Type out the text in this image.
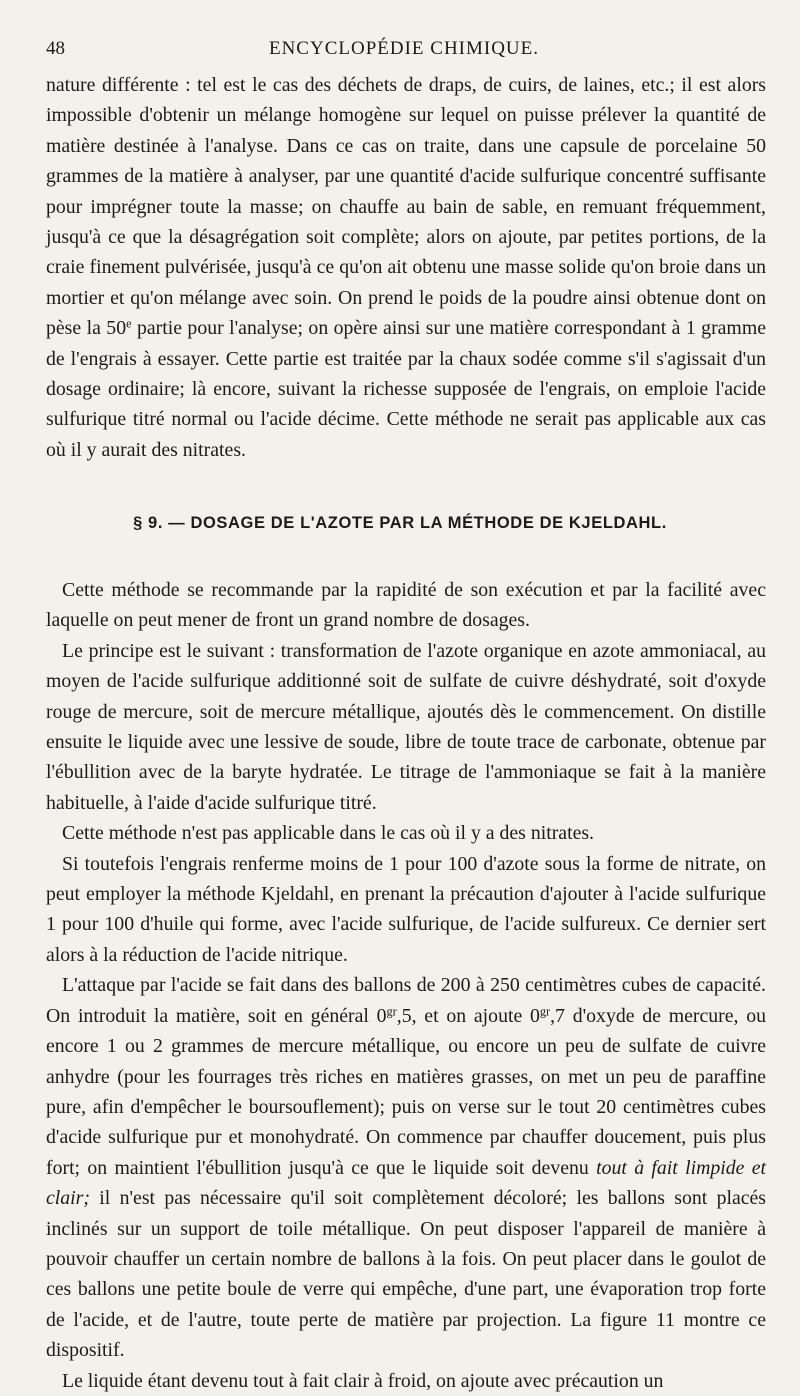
48	ENCYCLOPÉDIE CHIMIQUE.

nature différente : tel est le cas des déchets de draps, de cuirs, de laines, etc.; il est alors impossible d'obtenir un mélange homogène sur lequel on puisse prélever la quantité de matière destinée à l'analyse. Dans ce cas on traite, dans une capsule de porcelaine 50 grammes de la matière à analyser, par une quantité d'acide sulfurique concentré suffisante pour imprégner toute la masse; on chauffe au bain de sable, en remuant fréquemment, jusqu'à ce que la désagrégation soit complète; alors on ajoute, par petites portions, de la craie finement pulvérisée, jusqu'à ce qu'on ait obtenu une masse solide qu'on broie dans un mortier et qu'on mélange avec soin. On prend le poids de la poudre ainsi obtenue dont on pèse la 50e partie pour l'analyse; on opère ainsi sur une matière correspondant à 1 gramme de l'engrais à essayer. Cette partie est traitée par la chaux sodée comme s'il s'agissait d'un dosage ordinaire; là encore, suivant la richesse supposée de l'engrais, on emploie l'acide sulfurique titré normal ou l'acide décime. Cette méthode ne serait pas applicable aux cas où il y aurait des nitrates.

§ 9. — DOSAGE DE L'AZOTE PAR LA MÉTHODE DE KJELDAHL.

Cette méthode se recommande par la rapidité de son exécution et par la facilité avec laquelle on peut mener de front un grand nombre de dosages.

Le principe est le suivant : transformation de l'azote organique en azote ammoniacal, au moyen de l'acide sulfurique additionné soit de sulfate de cuivre déshydraté, soit d'oxyde rouge de mercure, soit de mercure métallique, ajoutés dès le commencement. On distille ensuite le liquide avec une lessive de soude, libre de toute trace de carbonate, obtenue par l'ébullition avec de la baryte hydratée. Le titrage de l'ammoniaque se fait à la manière habituelle, à l'aide d'acide sulfurique titré.

Cette méthode n'est pas applicable dans le cas où il y a des nitrates.

Si toutefois l'engrais renferme moins de 1 pour 100 d'azote sous la forme de nitrate, on peut employer la méthode Kjeldahl, en prenant la précaution d'ajouter à l'acide sulfurique 1 pour 100 d'huile qui forme, avec l'acide sulfurique, de l'acide sulfureux. Ce dernier sert alors à la réduction de l'acide nitrique.

L'attaque par l'acide se fait dans des ballons de 200 à 250 centimètres cubes de capacité. On introduit la matière, soit en général $0^{gr},5$, et on ajoute $0^{gr},7$ d'oxyde de mercure, ou encore 1 ou 2 grammes de mercure métallique, ou encore un peu de sulfate de cuivre anhydre (pour les fourrages très riches en matières grasses, on met un peu de paraffine pure, afin d'empêcher le boursouflement); puis on verse sur le tout 20 centimètres cubes d'acide sulfurique pur et monohydraté. On commence par chauffer doucement, puis plus fort; on maintient l'ébullition jusqu'à ce que le liquide soit devenu tout à fait limpide et clair; il n'est pas nécessaire qu'il soit complètement décoloré; les ballons sont placés inclinés sur un support de toile métallique. On peut disposer l'appareil de manière à pouvoir chauffer un certain nombre de ballons à la fois. On peut placer dans le goulot de ces ballons une petite boule de verre qui empêche, d'une part, une évaporation trop forte de l'acide, et de l'autre, toute perte de matière par projection. La figure 11 montre ce dispositif.

Le liquide étant devenu tout à fait clair à froid, on ajoute avec précaution un
